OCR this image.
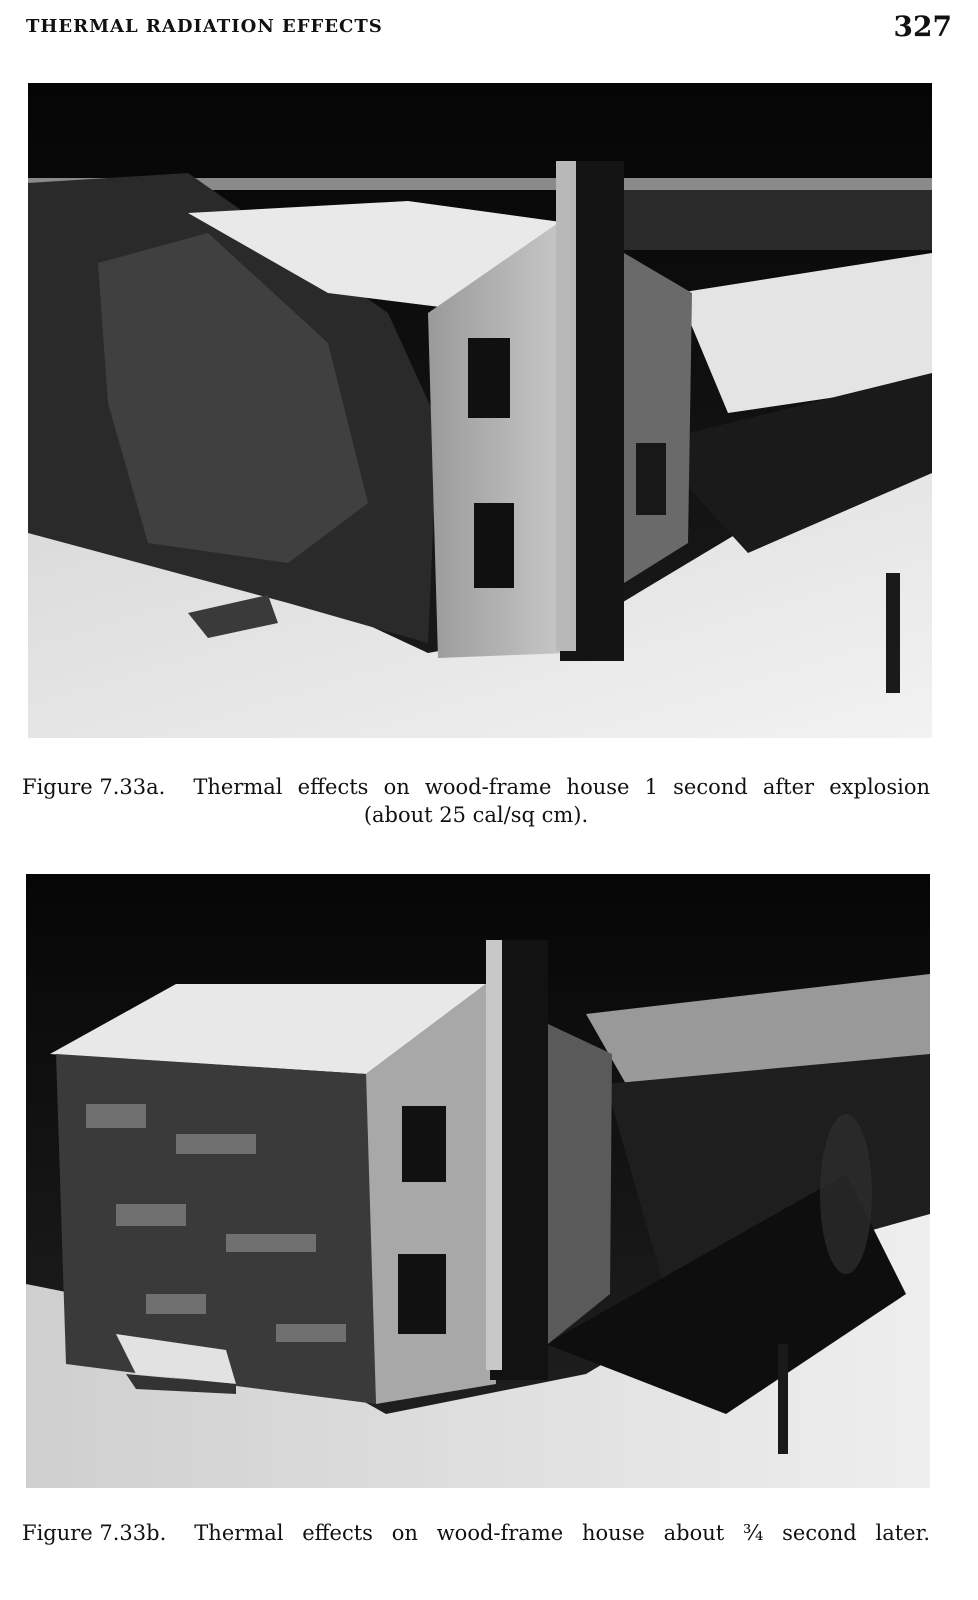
THERMAL RADIATION EFFECTS	327
Figure 7.33a. Thermal effects on wood-frame house 1 second after explosion
(about 25 cal/sq cm).
Figure 7.33b. Thermal effects on wood-frame house about ¾ second later.
